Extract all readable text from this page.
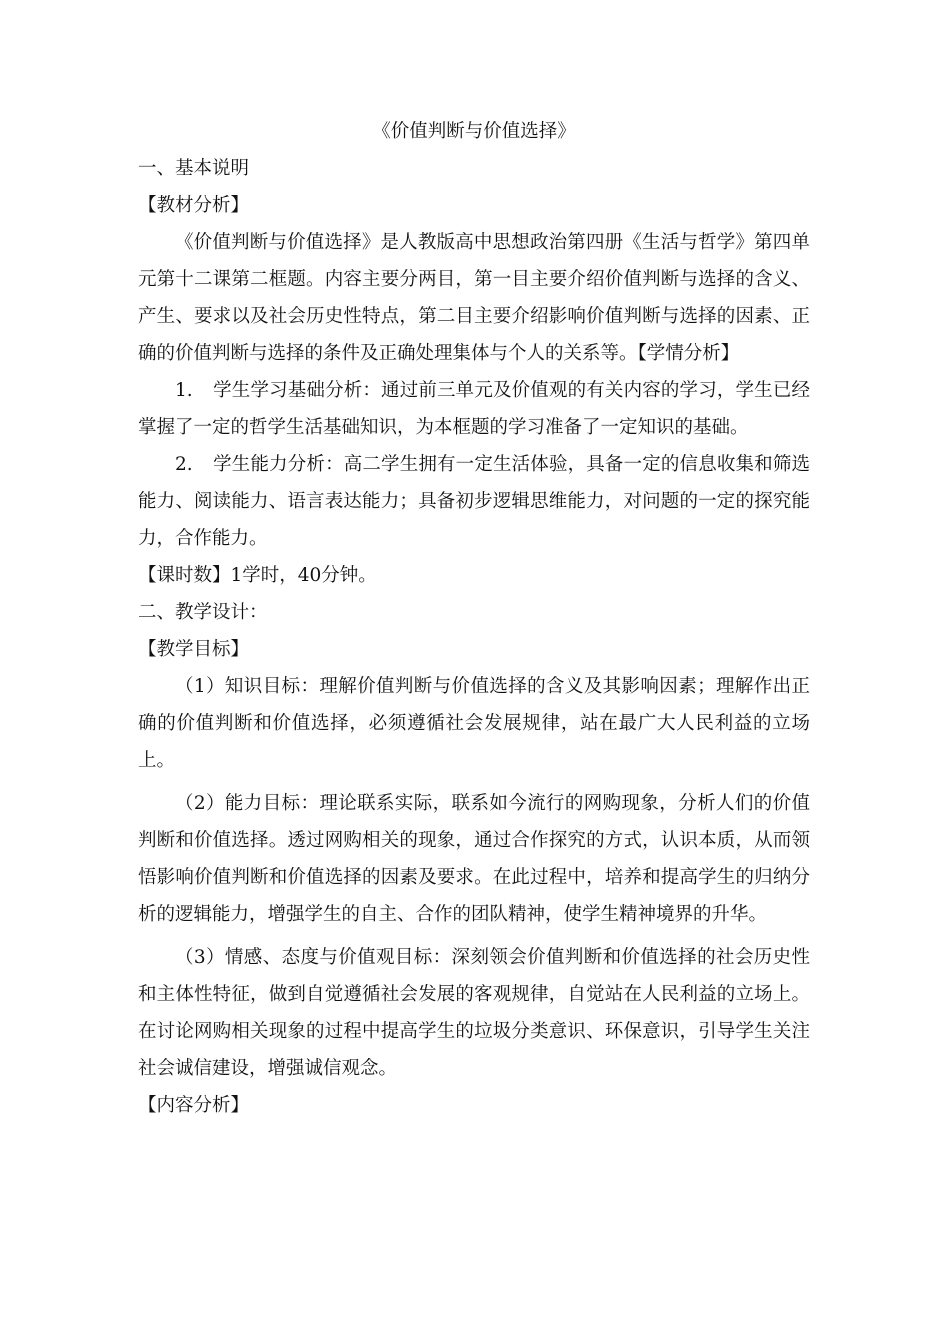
《价值判断与价值选择》
一、基本说明
【教材分析】

《价值判断与价值选择》是人教版高中思想政治第四册《生活与哲学》第四单元第十二课第二框题。内容主要分两目，第一目主要介绍价值判断与选择的含义、产生、要求以及社会历史性特点，第二目主要介绍影响价值判断与选择的因素、正确的价值判断与选择的条件及正确处理集体与个人的关系等。【学情分析】

1. 学生学习基础分析：通过前三单元及价值观的有关内容的学习，学生已经掌握了一定的哲学生活基础知识，为本框题的学习准备了一定知识的基础。

2. 学生能力分析：高二学生拥有一定生活体验，具备一定的信息收集和筛选能力、阅读能力、语言表达能力；具备初步逻辑思维能力，对问题的一定的探究能力，合作能力。

【课时数】1学时，40分钟。
二、教学设计：
【教学目标】

（1）知识目标：理解价值判断与价值选择的含义及其影响因素；理解作出正确的价值判断和价值选择，必须遵循社会发展规律，站在最广大人民利益的立场上。

（2）能力目标：理论联系实际，联系如今流行的网购现象，分析人们的价值判断和价值选择。透过网购相关的现象，通过合作探究的方式，认识本质，从而领悟影响价值判断和价值选择的因素及要求。在此过程中，培养和提高学生的归纳分析的逻辑能力，增强学生的自主、合作的团队精神，使学生精神境界的升华。

（3）情感、态度与价值观目标：深刻领会价值判断和价值选择的社会历史性和主体性特征，做到自觉遵循社会发展的客观规律，自觉站在人民利益的立场上。在讨论网购相关现象的过程中提高学生的垃圾分类意识、环保意识，引导学生关注社会诚信建设，增强诚信观念。

【内容分析】
